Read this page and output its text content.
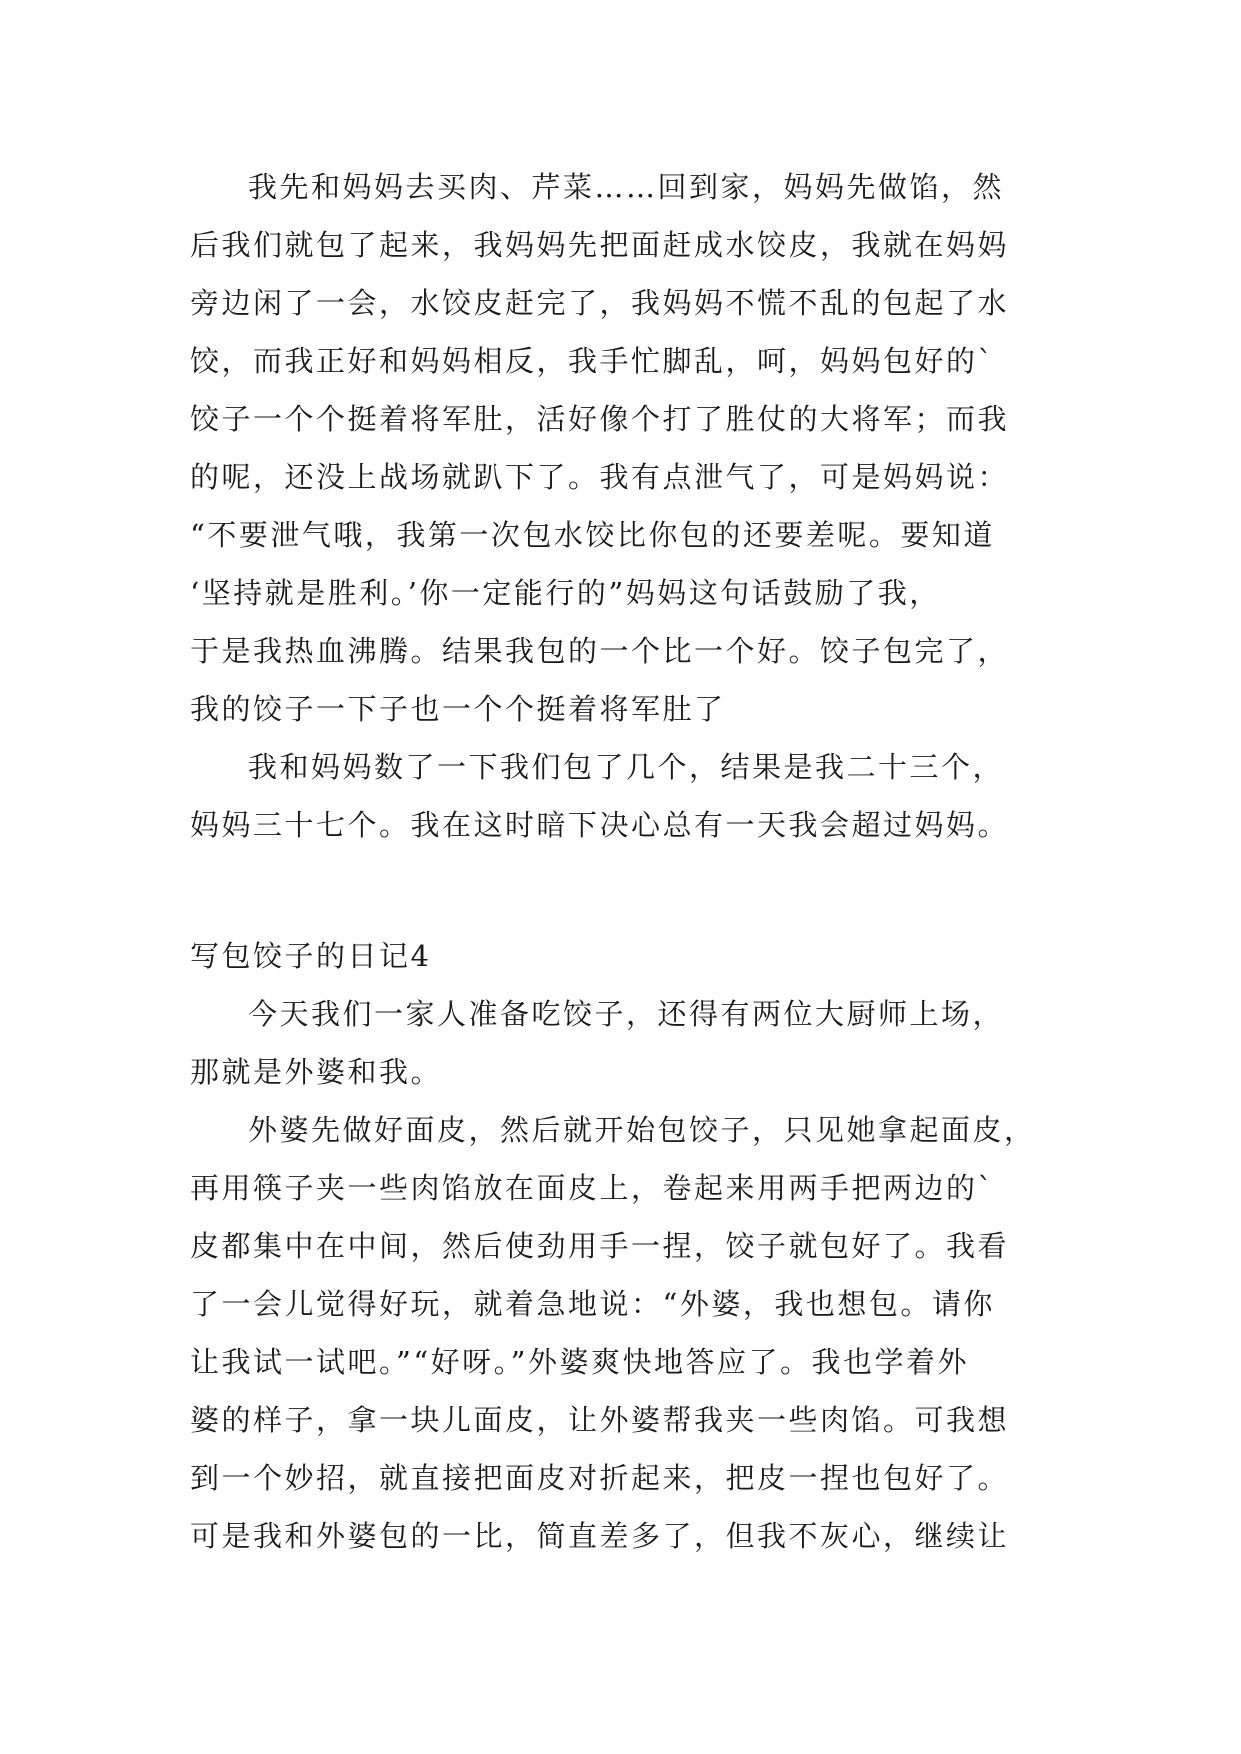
我先和妈妈去买肉、芹菜……回到家，妈妈先做馅，然
后我们就包了起来，我妈妈先把面赶成水饺皮，我就在妈妈
旁边闲了一会，水饺皮赶完了，我妈妈不慌不乱的包起了水
饺，而我正好和妈妈相反，我手忙脚乱，呵，妈妈包好的`
饺子一个个挺着将军肚，活好像个打了胜仗的大将军；而我
的呢，还没上战场就趴下了。我有点泄气了，可是妈妈说：
“不要泄气哦，我第一次包水饺比你包的还要差呢。要知道
‘坚持就是胜利。’你一定能行的”妈妈这句话鼓励了我，
于是我热血沸腾。结果我包的一个比一个好。饺子包完了，
我的饺子一下子也一个个挺着将军肚了

我和妈妈数了一下我们包了几个，结果是我二十三个，
妈妈三十七个。我在这时暗下决心总有一天我会超过妈妈。

写包饺子的日记4

今天我们一家人准备吃饺子，还得有两位大厨师上场，
那就是外婆和我。

外婆先做好面皮，然后就开始包饺子，只见她拿起面皮，
再用筷子夹一些肉馅放在面皮上，卷起来用两手把两边的`
皮都集中在中间，然后使劲用手一捏，饺子就包好了。我看
了一会儿觉得好玩，就着急地说：“外婆，我也想包。请你
让我试一试吧。”“好呀。”外婆爽快地答应了。我也学着外
婆的样子，拿一块儿面皮，让外婆帮我夹一些肉馅。可我想
到一个妙招，就直接把面皮对折起来，把皮一捏也包好了。
可是我和外婆包的一比，简直差多了，但我不灰心，继续让
